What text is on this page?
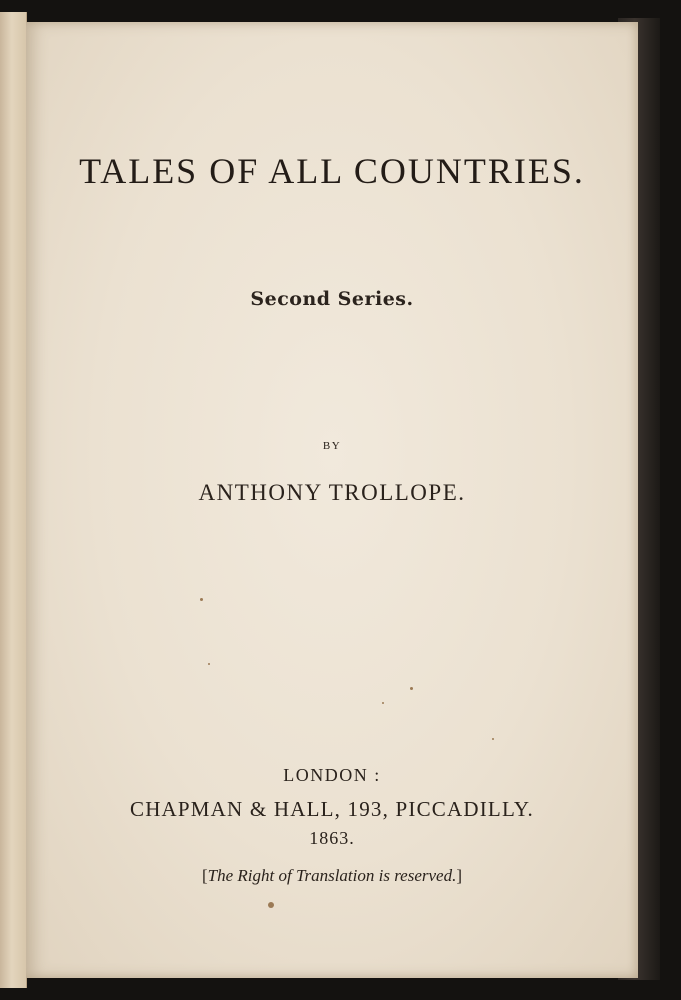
TALES OF ALL COUNTRIES.
Second Series.
BY
ANTHONY TROLLOPE.
LONDON :
CHAPMAN & HALL, 193, PICCADILLY.
1863.
[The Right of Translation is reserved.]
